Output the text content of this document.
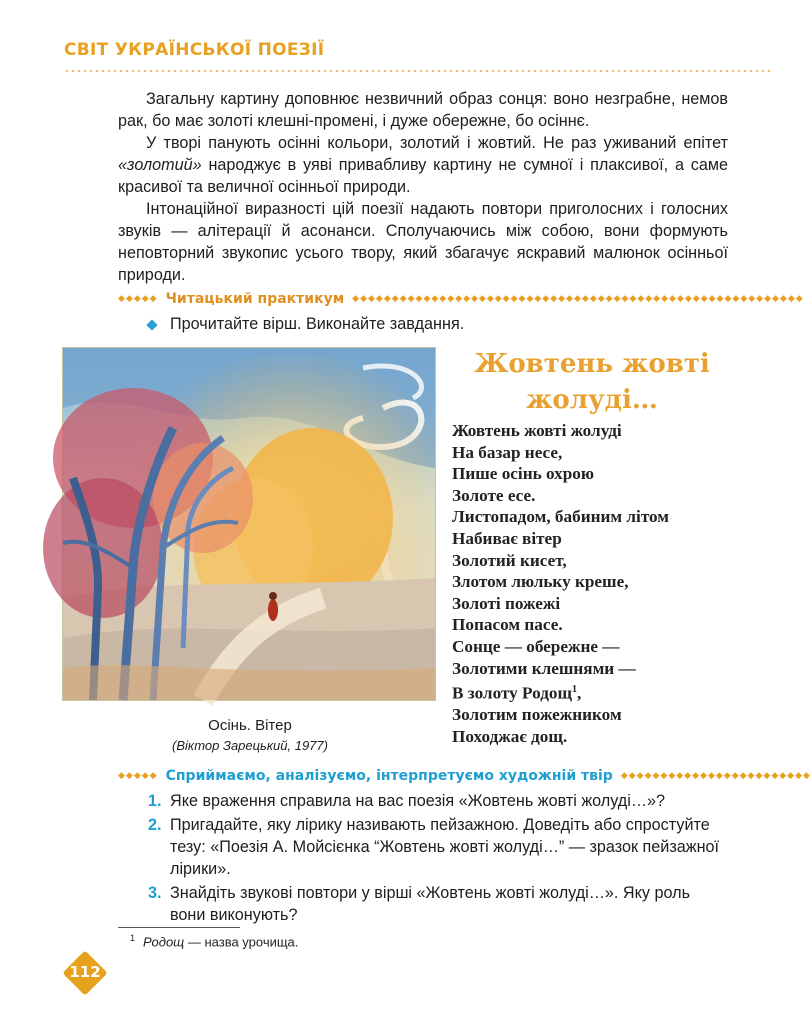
СВІТ УКРАЇНСЬКОЇ ПОЕЗІЇ

Загальну картину доповнює незвичний образ сонця: воно незграбне, немов рак, бо має золоті клешні-промені, і дуже обережне, бо осіннє.

У творі панують осінні кольори, золотий і жовтий. Не раз уживаний епітет «золотий» народжує в уяві привабливу картину не сумної і плаксивої, а саме красивої та величної осінньої природи.

Інтонаційної виразності цій поезії надають повтори приголосних і голосних звуків — алітерації й асонанси. Сполучаючись між собою, вони формують неповторний звукопис усього твору, який збагачує яскравий малюнок осінньої природи.

◆◆◆◆◆ Читацький практикум ◆◆◆◆◆◆◆◆◆◆◆◆◆◆◆◆◆◆◆◆◆◆◆◆◆◆◆◆◆◆◆◆◆◆◆◆◆◆◆◆◆◆◆◆◆◆◆◆◆◆◆◆◆◆◆◆◆
Прочитайте вірш. Виконайте завдання.
Осінь. Вітер
(Віктор Зарецький, 1977)
Жовтень жовті
жолуді…
Жовтень жовті жолуді
На базар несе,
Пише осінь охрою
Золоте есе.
Листопадом, бабиним літом
Набиває вітер
Золотий кисет,
Злотом люльку креше,
Золоті пожежі
Попасом пасе.
Сонце — обережне —
Золотими клешнями —
В золоту Родощ$^1$,
Золотим пожежником
Походжає дощ.
◆◆◆◆◆ Сприймаємо, аналізуємо, інтерпретуємо художній твір ◆◆◆◆◆◆◆◆◆◆◆◆◆◆◆◆◆◆◆◆◆◆◆◆
1. Яке враження справила на вас поезія «Жовтень жовті жолуді…»?
2. Пригадайте, яку лірику називають пейзажною. Доведіть або спростуйте тезу: «Поезія А. Мойсієнка “Жовтень жовті жолуді…” — зразок пейзажної лірики».
3. Знайдіть звукові повтори у вірші «Жовтень жовті жолуді…». Яку роль вони виконують?
$^1$ Родощ — назва урочища.
112
